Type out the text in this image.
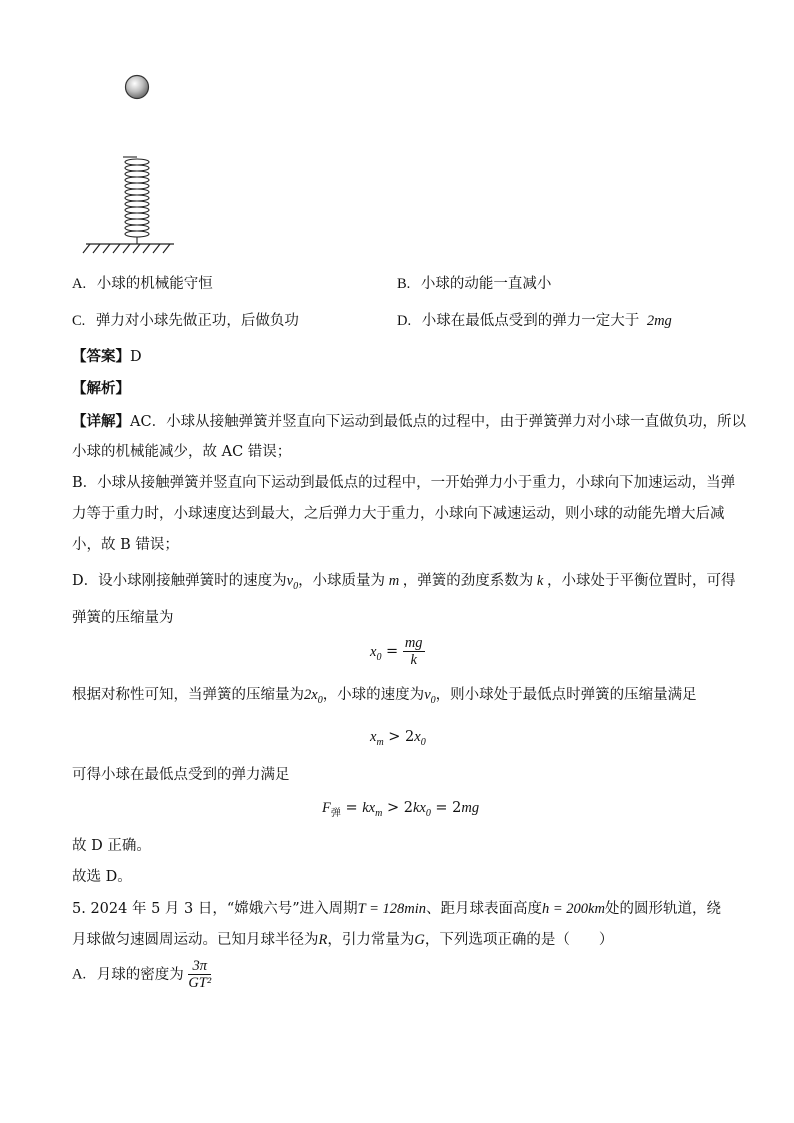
A. 小球的机械能守恒	B. 小球的动能一直减小
C. 弹力对小球先做正功，后做负功	D. 小球在最低点受到的弹力一定大于 2mg
【答案】D
【解析】
【详解】AC．小球从接触弹簧并竖直向下运动到最低点的过程中，由于弹簧弹力对小球一直做负功，所以
小球的机械能减少，故 AC 错误；
B．小球从接触弹簧并竖直向下运动到最低点的过程中，一开始弹力小于重力，小球向下加速运动，当弹
力等于重力时，小球速度达到最大，之后弹力大于重力，小球向下减速运动，则小球的动能先增大后减
小，故 B 错误；
D．设小球刚接触弹簧时的速度为$v_0$，小球质量为 m ，弹簧的劲度系数为 k ，小球处于平衡位置时，可得
弹簧的压缩量为
$x_0 = \frac{mg}{k}$
根据对称性可知，当弹簧的压缩量为$2x_0$，小球的速度为$v_0$，则小球处于最低点时弹簧的压缩量满足
$x_m > 2x_0$
可得小球在最低点受到的弹力满足
$F_弹 = kx_m > 2kx_0 = 2mg$
故 D 正确。
故选 D。
5. 2024 年 5 月 3 日，“嫦娥六号”进入周期T = 128min、距月球表面高度h = 200km处的圆形轨道，绕
月球做匀速圆周运动。已知月球半径为R，引力常量为G，下列选项正确的是（　　）
A. 月球的密度为 $\frac{3\pi}{\text{GT²}}$
